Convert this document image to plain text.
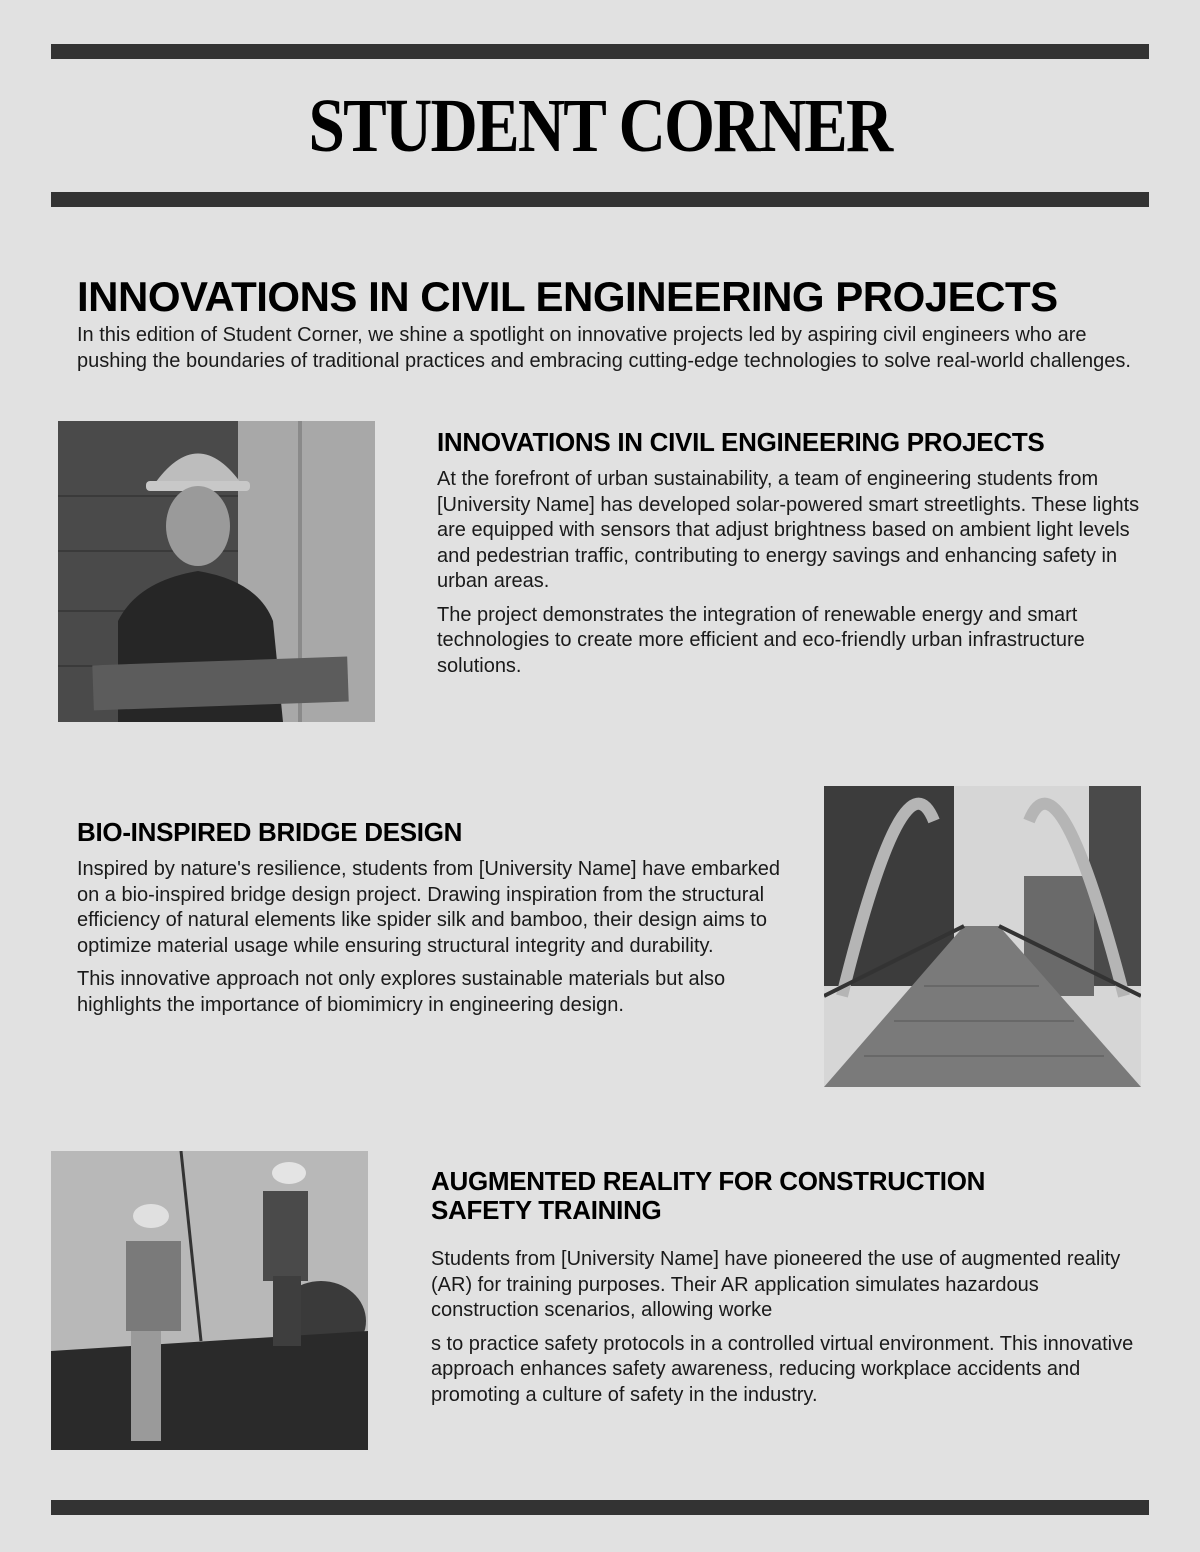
STUDENT CORNER
INNOVATIONS IN CIVIL ENGINEERING PROJECTS
In this edition of Student Corner, we shine a spotlight on innovative projects led by aspiring civil engineers who are pushing the boundaries of traditional practices and embracing cutting-edge technologies to solve real-world challenges.
INNOVATIONS IN CIVIL ENGINEERING PROJECTS

At the forefront of urban sustainability, a team of engineering students from [University Name] has developed solar-powered smart streetlights. These lights are equipped with sensors that adjust brightness based on ambient light levels and pedestrian traffic, contributing to energy savings and enhancing safety in urban areas.

The project demonstrates the integration of renewable energy and smart technologies to create more efficient and eco-friendly urban infrastructure solutions.

BIO-INSPIRED BRIDGE DESIGN

Inspired by nature's resilience, students from [University Name] have embarked on a bio-inspired bridge design project. Drawing inspiration from the structural efficiency of natural elements like spider silk and bamboo, their design aims to optimize material usage while ensuring structural integrity and durability.

This innovative approach not only explores sustainable materials but also highlights the importance of biomimicry in engineering design.

AUGMENTED REALITY FOR CONSTRUCTION SAFETY TRAINING

Students from [University Name] have pioneered the use of augmented reality (AR) for training purposes. Their AR application simulates hazardous construction scenarios, allowing worke

s to practice safety protocols in a controlled virtual environment. This innovative approach enhances safety awareness, reducing workplace accidents and promoting a culture of safety in the industry.
